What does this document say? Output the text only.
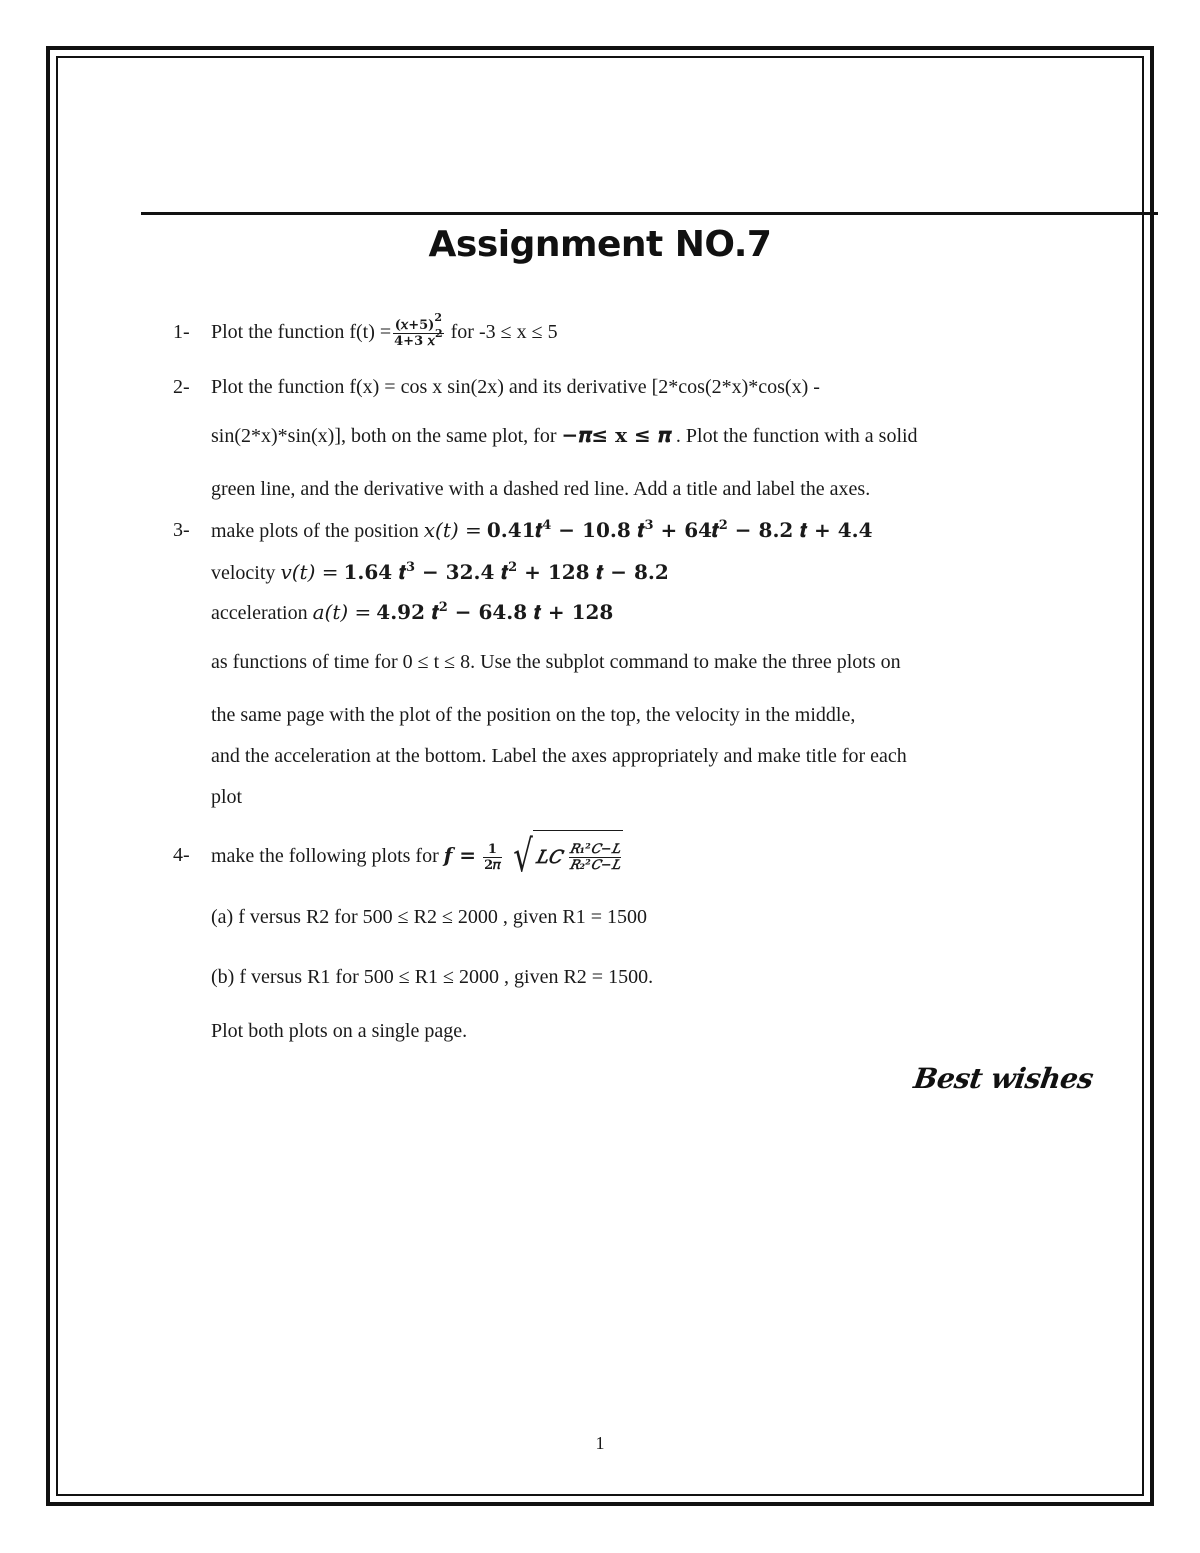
Assignment NO.7
1- Plot the function $f(t) = \frac{(𝑥+5)^2}{4+3 𝑥^2}$ for -3 ≤ x ≤ 5
2- Plot the function f(x) = cos x sin(2x) and its derivative [2*cos(2*x)*cos(x) -
sin(2*x)*sin(x)], both on the same plot, for −𝝅≤ x ≤ 𝝅 . Plot the function with a solid
green line, and the derivative with a dashed red line. Add a title and label the axes.
3- make plots of the position 𝑥(𝑡) = 𝟎.𝟒𝟏𝒕$^4$ − 𝟏𝟎.𝟖 𝒕$^3$ + 𝟔𝟒𝒕$^2$ − 𝟖.𝟐 𝒕 + 𝟒.𝟒
velocity 𝑣(𝑡) = 𝟏.𝟔𝟒 𝒕$^𝟑$ − 𝟑𝟐.𝟒 𝒕$^2$ + 𝟏𝟐𝟖 𝒕 − 𝟖.𝟐
acceleration 𝑎(𝑡) = 𝟒.𝟗𝟐 𝒕$^2$ − 𝟔𝟒.𝟖 𝒕 + 𝟏𝟐𝟖
as functions of time for 0 ≤ t ≤ 8. Use the subplot command to make the three plots on
the same page with the plot of the position on the top, the velocity in the middle,
and the acceleration at the bottom. Label the axes appropriately and make title for each
plot
4- make the following plots for 𝒇 = $\frac{1}{\text{2𝜋}}$
√ 𝐿𝐶
$\frac{\text{𝑅₁²𝐶−𝐿}}{\text{𝑅₂²𝐶−𝐿}}$
(a) f versus R2 for 500 ≤ R2 ≤ 2000 , given R1 = 1500
(b) f versus R1 for 500 ≤ R1 ≤ 2000 , given R2 = 1500.
Plot both plots on a single page.
Best wishes
1
